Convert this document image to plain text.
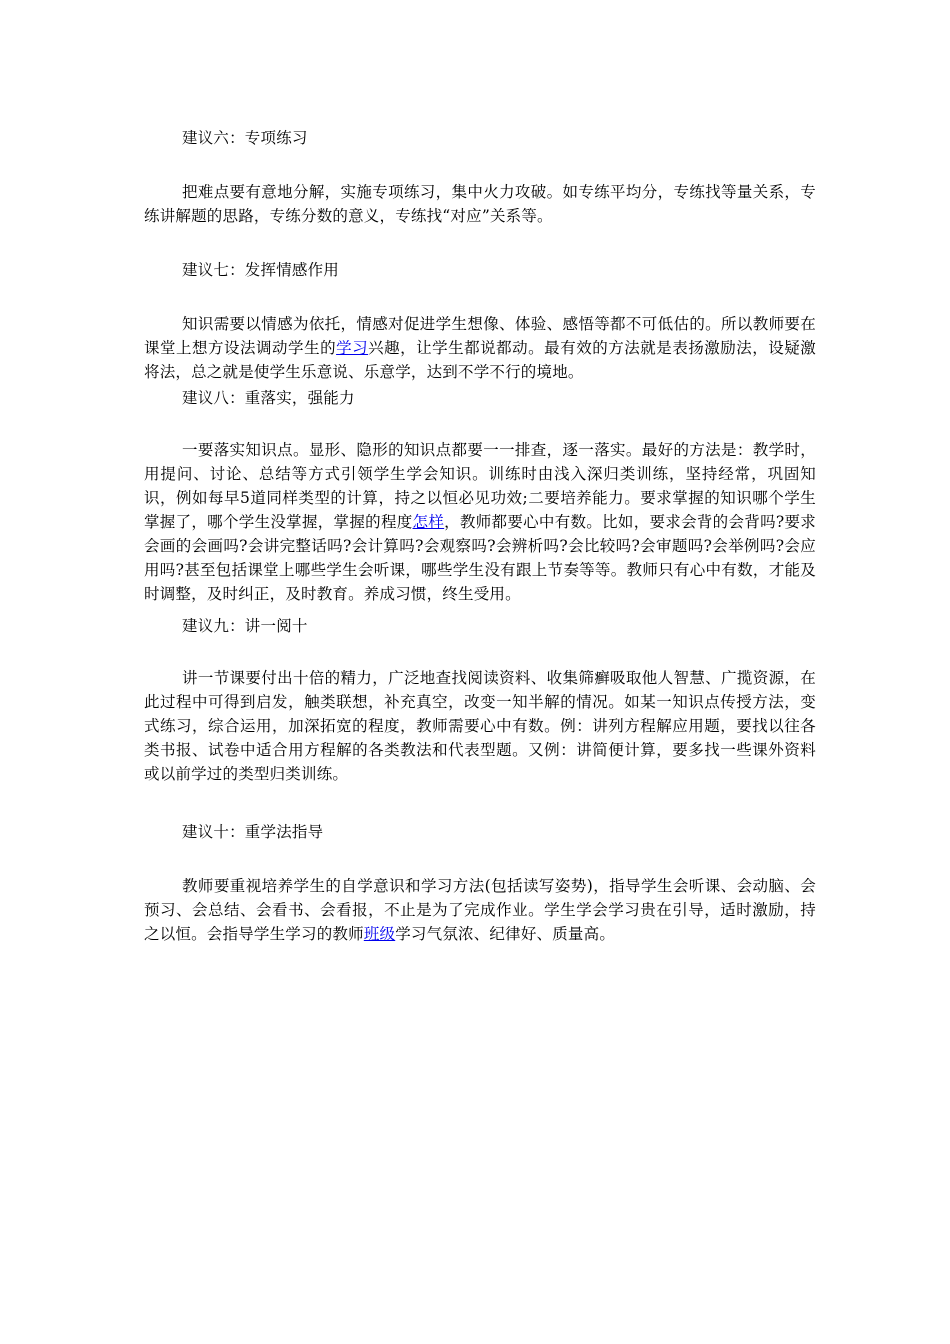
建议六：专项练习
把难点要有意地分解，实施专项练习，集中火力攻破。如专练平均分，专练找等量关系，专练讲解题的思路，专练分数的意义，专练找“对应”关系等。
建议七：发挥情感作用
知识需要以情感为依托，情感对促进学生想像、体验、感悟等都不可低估的。所以教师要在课堂上想方设法调动学生的学习兴趣，让学生都说都动。最有效的方法就是表扬激励法，设疑激将法，总之就是使学生乐意说、乐意学，达到不学不行的境地。
建议八：重落实，强能力
一要落实知识点。显形、隐形的知识点都要一一排查，逐一落实。最好的方法是：教学时，用提问、讨论、总结等方式引领学生学会知识。训练时由浅入深归类训练，坚持经常，巩固知识，例如每早5道同样类型的计算，持之以恒必见功效;二要培养能力。要求掌握的知识哪个学生掌握了，哪个学生没掌握，掌握的程度怎样，教师都要心中有数。比如，要求会背的会背吗?要求会画的会画吗?会讲完整话吗?会计算吗?会观察吗?会辨析吗?会比较吗?会审题吗?会举例吗?会应用吗?甚至包括课堂上哪些学生会听课，哪些学生没有跟上节奏等等。教师只有心中有数，才能及时调整，及时纠正，及时教育。养成习惯，终生受用。
建议九：讲一阅十
讲一节课要付出十倍的精力，广泛地查找阅读资料、收集筛癣吸取他人智慧、广揽资源，在此过程中可得到启发，触类联想，补充真空，改变一知半解的情况。如某一知识点传授方法，变式练习，综合运用，加深拓宽的程度，教师需要心中有数。例：讲列方程解应用题，要找以往各类书报、试卷中适合用方程解的各类教法和代表型题。又例：讲简便计算，要多找一些课外资料或以前学过的类型归类训练。
建议十：重学法指导
教师要重视培养学生的自学意识和学习方法(包括读写姿势)，指导学生会听课、会动脑、会预习、会总结、会看书、会看报，不止是为了完成作业。学生学会学习贵在引导，适时激励，持之以恒。会指导学生学习的教师班级学习气氛浓、纪律好、质量高。
